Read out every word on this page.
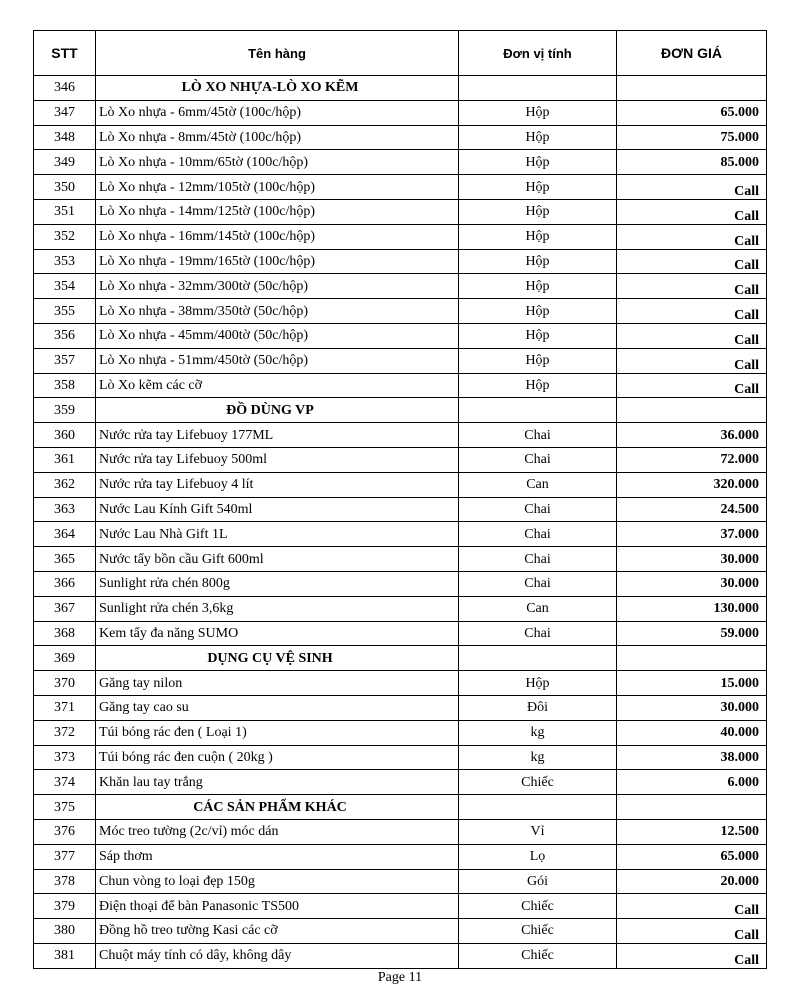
STT	Tên hàng	Đơn vị tính	ĐƠN GIÁ
346	LÒ XO NHỰA-LÒ XO KẼM		
347	Lò Xo nhựa - 6mm/45tờ (100c/hộp)	Hộp	65.000
348	Lò Xo nhựa - 8mm/45tờ (100c/hộp)	Hộp	75.000
349	Lò Xo nhựa - 10mm/65tờ (100c/hộp)	Hộp	85.000
350	Lò Xo nhựa - 12mm/105tờ (100c/hộp)	Hộp	Call
351	Lò Xo nhựa - 14mm/125tờ (100c/hộp)	Hộp	Call
352	Lò Xo nhựa - 16mm/145tờ (100c/hộp)	Hộp	Call
353	Lò Xo nhựa - 19mm/165tờ (100c/hộp)	Hộp	Call
354	Lò Xo nhựa - 32mm/300tờ (50c/hộp)	Hộp	Call
355	Lò Xo nhựa - 38mm/350tờ (50c/hộp)	Hộp	Call
356	Lò Xo nhựa - 45mm/400tờ (50c/hộp)	Hộp	Call
357	Lò Xo nhựa - 51mm/450tờ (50c/hộp)	Hộp	Call
358	Lò Xo kẽm các cỡ	Hộp	Call
359	ĐỒ DÙNG VP		
360	Nước rửa tay Lifebuoy 177ML	Chai	36.000
361	Nước rửa tay Lifebuoy 500ml	Chai	72.000
362	Nước rửa tay Lifebuoy 4 lít	Can	320.000
363	Nước Lau Kính Gift 540ml	Chai	24.500
364	Nước Lau Nhà Gift 1L	Chai	37.000
365	Nước tẩy bồn cầu Gift 600ml	Chai	30.000
366	Sunlight rửa chén 800g	Chai	30.000
367	Sunlight rửa chén 3,6kg	Can	130.000
368	Kem tẩy đa năng SUMO	Chai	59.000
369	DỤNG CỤ VỆ SINH		
370	Găng tay nilon	Hộp	15.000
371	Găng tay cao su	Đôi	30.000
372	Túi bóng rác đen ( Loại 1)	kg	40.000
373	Túi bóng rác đen cuộn ( 20kg )	kg	38.000
374	Khăn lau tay trắng	Chiếc	6.000
375	CÁC SẢN PHẨM KHÁC		
376	Móc treo tường (2c/vỉ) móc dán	Vỉ	12.500
377	Sáp thơm	Lọ	65.000
378	Chun vòng to loại đẹp 150g	Gói	20.000
379	Điện thoại để bàn Panasonic TS500	Chiếc	Call
380	Đồng hồ treo tường Kasi các cỡ	Chiếc	Call
381	Chuột máy tính có dây, không dây	Chiếc	Call
Page 11
